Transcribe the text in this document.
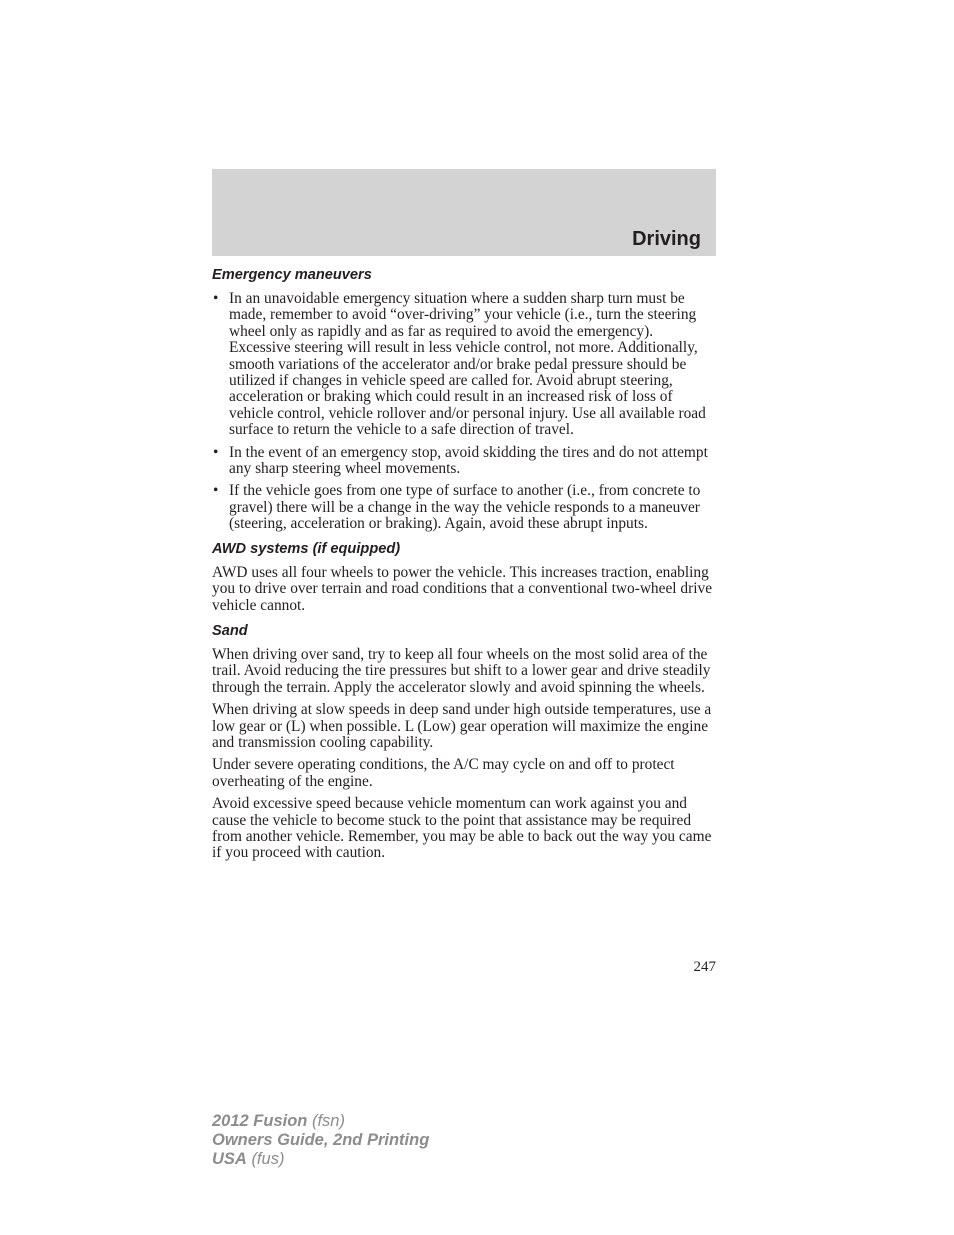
Driving
Emergency maneuvers
• In an unavoidable emergency situation where a sudden sharp turn must be made, remember to avoid “over-driving” your vehicle (i.e., turn the steering wheel only as rapidly and as far as required to avoid the emergency). Excessive steering will result in less vehicle control, not more. Additionally, smooth variations of the accelerator and/or brake pedal pressure should be utilized if changes in vehicle speed are called for. Avoid abrupt steering, acceleration or braking which could result in an increased risk of loss of vehicle control, vehicle rollover and/or personal injury. Use all available road surface to return the vehicle to a safe direction of travel.
• In the event of an emergency stop, avoid skidding the tires and do not attempt any sharp steering wheel movements.
• If the vehicle goes from one type of surface to another (i.e., from concrete to gravel) there will be a change in the way the vehicle responds to a maneuver (steering, acceleration or braking). Again, avoid these abrupt inputs.
AWD systems (if equipped)

AWD uses all four wheels to power the vehicle. This increases traction, enabling you to drive over terrain and road conditions that a conventional two-wheel drive vehicle cannot.

Sand

When driving over sand, try to keep all four wheels on the most solid area of the trail. Avoid reducing the tire pressures but shift to a lower gear and drive steadily through the terrain. Apply the accelerator slowly and avoid spinning the wheels.

When driving at slow speeds in deep sand under high outside temperatures, use a low gear or (L) when possible. L (Low) gear operation will maximize the engine and transmission cooling capability.

Under severe operating conditions, the A/C may cycle on and off to protect overheating of the engine.

Avoid excessive speed because vehicle momentum can work against you and cause the vehicle to become stuck to the point that assistance may be required from another vehicle. Remember, you may be able to back out the way you came if you proceed with caution.

247
2012 Fusion (fsn)
Owners Guide, 2nd Printing
USA (fus)
